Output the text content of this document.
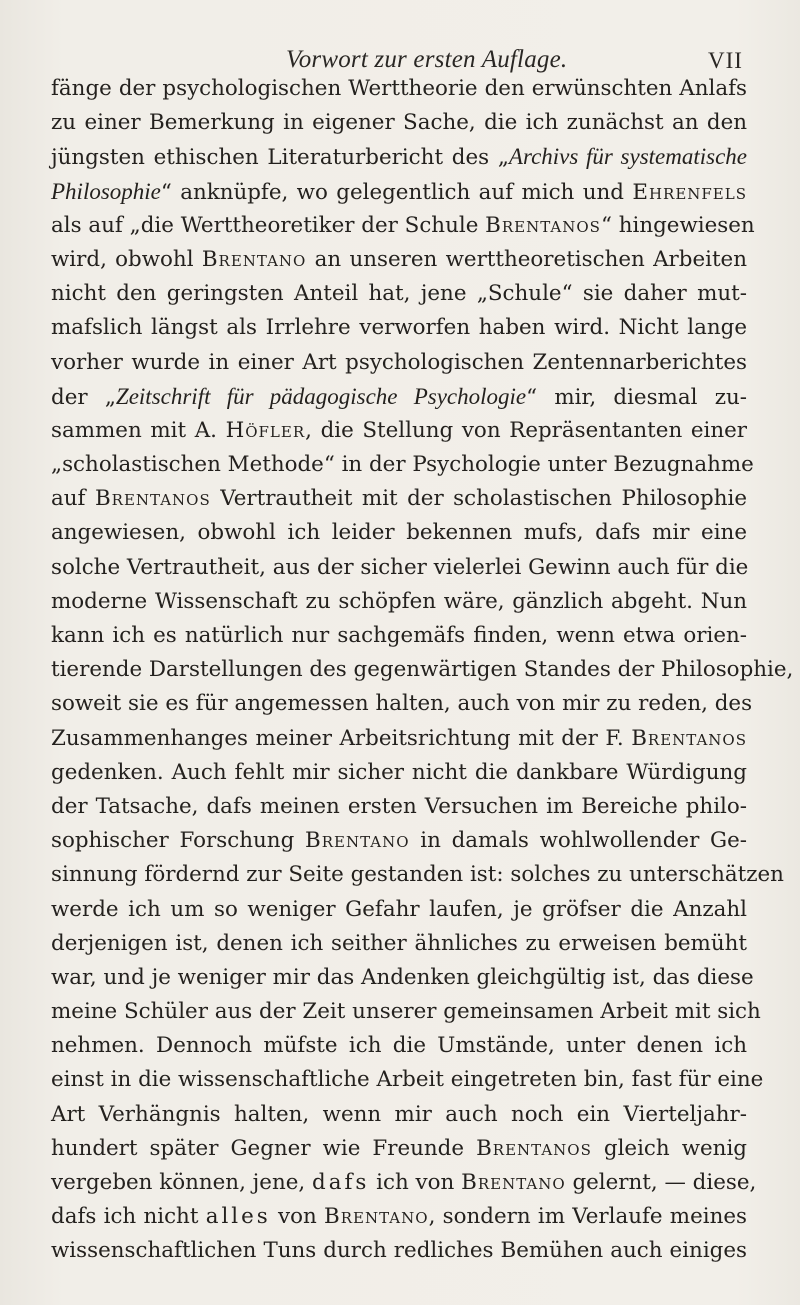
Vorwort zur ersten Auflage.	VII
fänge der psychologischen Werttheorie den erwünschten Anlafs
zu einer Bemerkung in eigener Sache, die ich zunächst an den
jüngsten ethischen Literaturbericht des „Archivs für systematische
Philosophie“ anknüpfe, wo gelegentlich auf mich und Ehrenfels
als auf „die Werttheoretiker der Schule Brentanos“ hingewiesen
wird, obwohl Brentano an unseren werttheoretischen Arbeiten
nicht den geringsten Anteil hat, jene „Schule“ sie daher mut-
mafslich längst als Irrlehre verworfen haben wird. Nicht lange
vorher wurde in einer Art psychologischen Zentennarberichtes
der „Zeitschrift für pädagogische Psychologie“ mir, diesmal zu-
sammen mit A. Höfler, die Stellung von Repräsentanten einer
„scholastischen Methode“ in der Psychologie unter Bezugnahme
auf Brentanos Vertrautheit mit der scholastischen Philosophie
angewiesen, obwohl ich leider bekennen mufs, dafs mir eine
solche Vertrautheit, aus der sicher vielerlei Gewinn auch für die
moderne Wissenschaft zu schöpfen wäre, gänzlich abgeht. Nun
kann ich es natürlich nur sachgemäfs finden, wenn etwa orien-
tierende Darstellungen des gegenwärtigen Standes der Philosophie,
soweit sie es für angemessen halten, auch von mir zu reden, des
Zusammenhanges meiner Arbeitsrichtung mit der F. Brentanos
gedenken. Auch fehlt mir sicher nicht die dankbare Würdigung
der Tatsache, dafs meinen ersten Versuchen im Bereiche philo-
sophischer Forschung Brentano in damals wohlwollender Ge-
sinnung fördernd zur Seite gestanden ist: solches zu unterschätzen
werde ich um so weniger Gefahr laufen, je gröfser die Anzahl
derjenigen ist, denen ich seither ähnliches zu erweisen bemüht
war, und je weniger mir das Andenken gleichgültig ist, das diese
meine Schüler aus der Zeit unserer gemeinsamen Arbeit mit sich
nehmen. Dennoch müfste ich die Umstände, unter denen ich
einst in die wissenschaftliche Arbeit eingetreten bin, fast für eine
Art Verhängnis halten, wenn mir auch noch ein Vierteljahr-
hundert später Gegner wie Freunde Brentanos gleich wenig
vergeben können, jene, dafs ich von Brentano gelernt, — diese,
dafs ich nicht alles von Brentano, sondern im Verlaufe meines
wissenschaftlichen Tuns durch redliches Bemühen auch einiges
